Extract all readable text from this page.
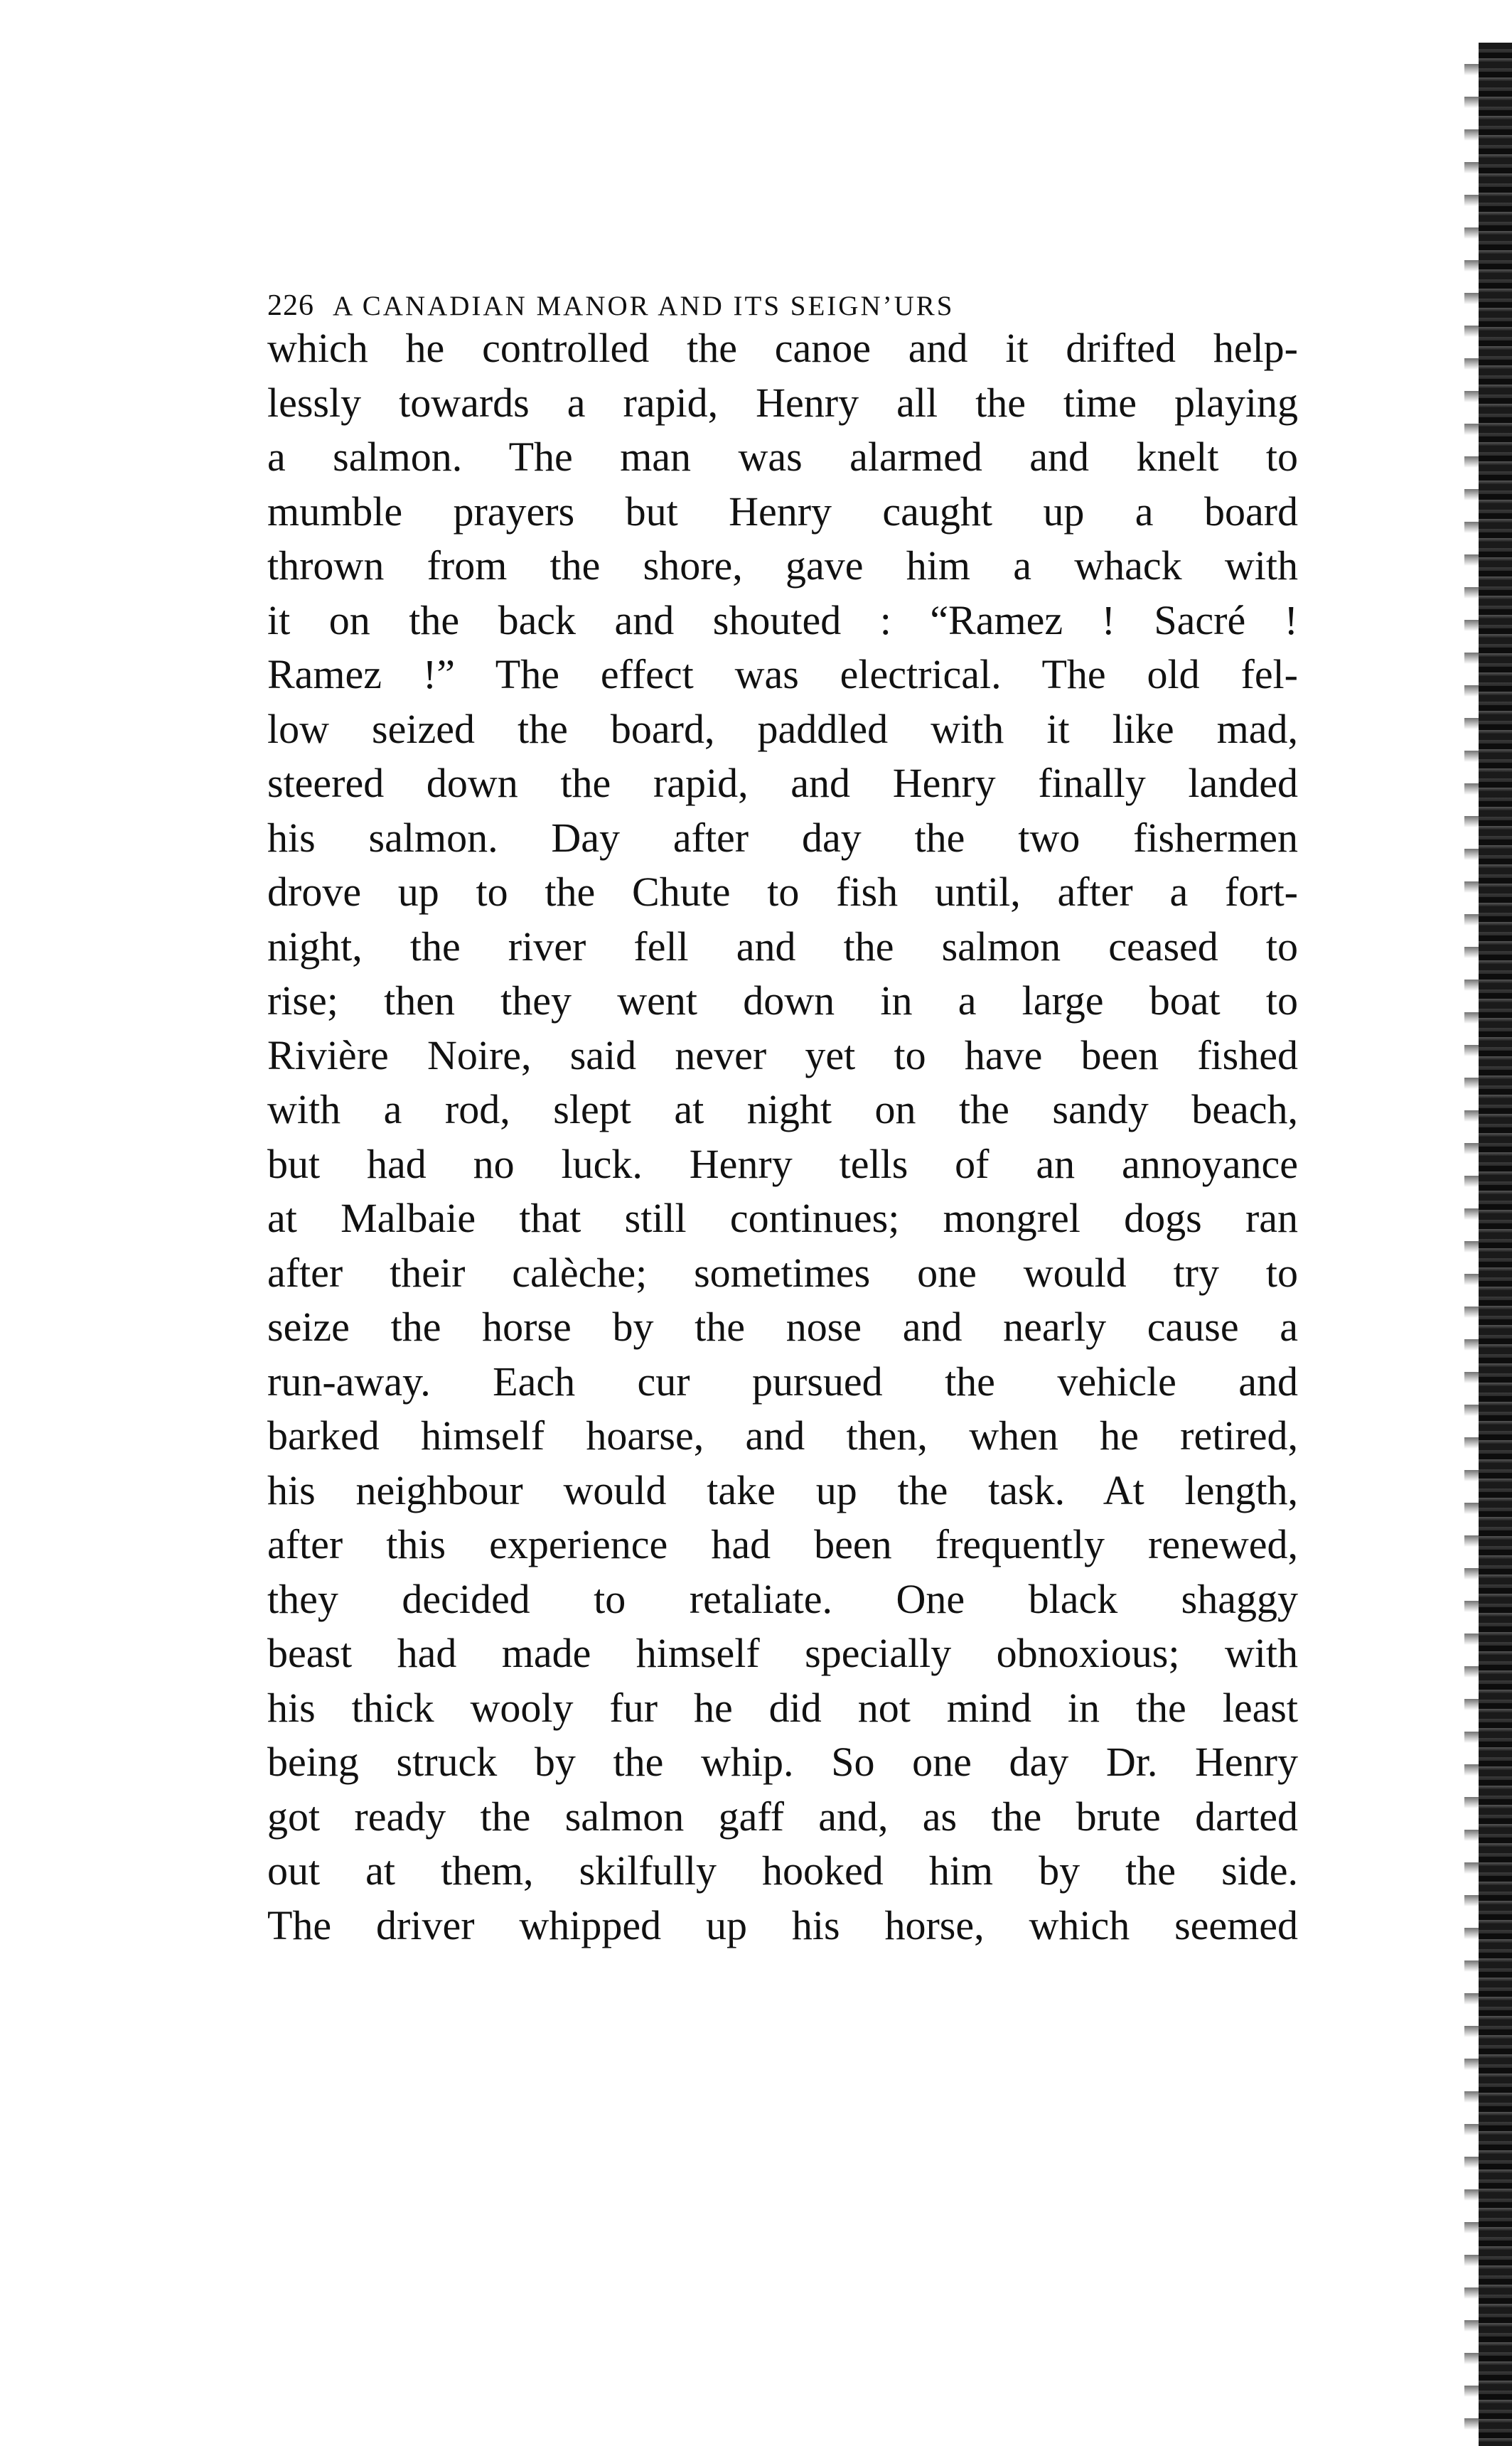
226 A CANADIAN MANOR AND ITS SEIGN’URS
which he controlled the canoe and it drifted help-
lessly towards a rapid, Henry all the time playing
a salmon. The man was alarmed and knelt to
mumble prayers but Henry caught up a board
thrown from the shore, gave him a whack with
it on the back and shouted : “Ramez ! Sacré !
Ramez !” The effect was electrical. The old fel-
low seized the board, paddled with it like mad,
steered down the rapid, and Henry finally landed
his salmon. Day after day the two fishermen
drove up to the Chute to fish until, after a fort-
night, the river fell and the salmon ceased to
rise; then they went down in a large boat to
Rivière Noire, said never yet to have been fished
with a rod, slept at night on the sandy beach,
but had no luck. Henry tells of an annoyance
at Malbaie that still continues; mongrel dogs ran
after their calèche; sometimes one would try to
seize the horse by the nose and nearly cause a
run-away. Each cur pursued the vehicle and
barked himself hoarse, and then, when he retired,
his neighbour would take up the task. At length,
after this experience had been frequently renewed,
they decided to retaliate. One black shaggy
beast had made himself specially obnoxious; with
his thick wooly fur he did not mind in the least
being struck by the whip. So one day Dr. Henry
got ready the salmon gaff and, as the brute darted
out at them, skilfully hooked him by the side.
The driver whipped up his horse, which seemed
